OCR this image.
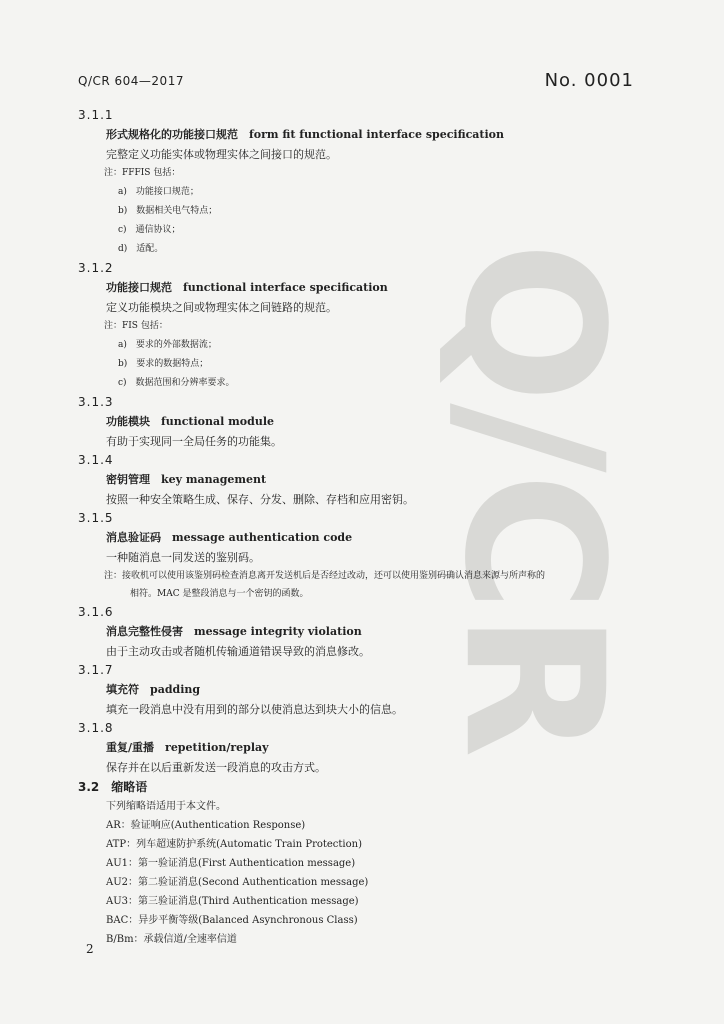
Q/CR
Q/CR 604—2017	No. 0001
3.1.1
形式规格化的功能接口规范　form fit functional interface specification
完整定义功能实体或物理实体之间接口的规范。
注：FFFIS 包括：
a)　功能接口规范；
b)　数据相关电气特点；
c)　通信协议；
d)　适配。
3.1.2
功能接口规范　functional interface specification
定义功能模块之间或物理实体之间链路的规范。
注：FIS 包括：
a)　要求的外部数据流；
b)　要求的数据特点；
c)　数据范围和分辨率要求。
3.1.3
功能模块　functional module
有助于实现同一全局任务的功能集。
3.1.4
密钥管理　key management
按照一种安全策略生成、保存、分发、删除、存档和应用密钥。
3.1.5
消息验证码　message authentication code
一种随消息一同发送的鉴别码。
注：接收机可以使用该鉴别码检查消息离开发送机后是否经过改动，还可以使用鉴别码确认消息来源与所声称的
相符。MAC 是整段消息与一个密钥的函数。
3.1.6
消息完整性侵害　message integrity violation
由于主动攻击或者随机传输通道错误导致的消息修改。
3.1.7
填充符　padding
填充一段消息中没有用到的部分以使消息达到块大小的信息。
3.1.8
重复/重播　repetition/replay
保存并在以后重新发送一段消息的攻击方式。
3.2　缩略语
下列缩略语适用于本文件。
AR：验证响应(Authentication Response)
ATP：列车超速防护系统(Automatic Train Protection)
AU1：第一验证消息(First Authentication message)
AU2：第二验证消息(Second Authentication message)
AU3：第三验证消息(Third Authentication message)
BAC：异步平衡等级(Balanced Asynchronous Class)
B/Bm：承载信道/全速率信道
2
